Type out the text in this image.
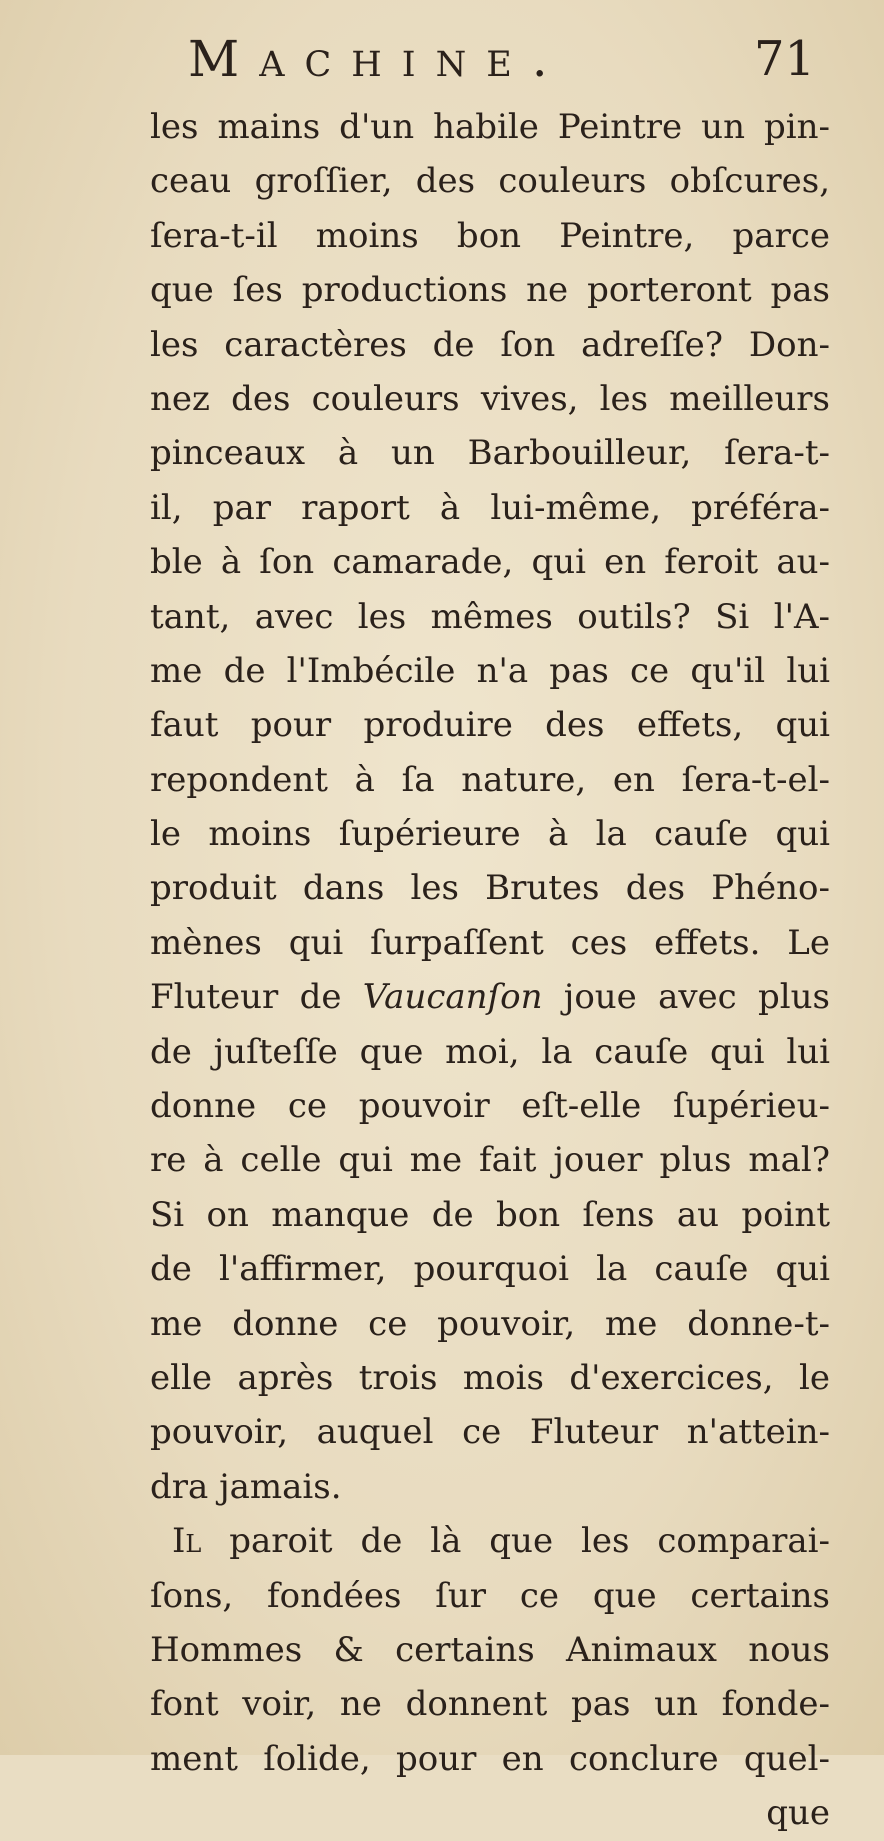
Machine.	71
les mains d'un habile Peintre un pin-
ceau groſſier, des couleurs obſcures,
ſera-t-il moins bon Peintre, parce
que ſes productions ne porteront pas
les caractères de ſon adreſſe? Don-
nez des couleurs vives, les meilleurs
pinceaux à un Barbouilleur, ſera-t-
il, par raport à lui-même, préféra-
ble à ſon camarade, qui en feroit au-
tant, avec les mêmes outils? Si l'A-
me de l'Imbécile n'a pas ce qu'il lui
faut pour produire des effets, qui
repondent à ſa nature, en ſera-t-el-
le moins ſupérieure à la cauſe qui
produit dans les Brutes des Phéno-
mènes qui ſurpaſſent ces effets. Le
Fluteur de Vaucanſon joue avec plus
de juſteſſe que moi, la cauſe qui lui
donne ce pouvoir eſt-elle ſupérieu-
re à celle qui me fait jouer plus mal?
Si on manque de bon ſens au point
de l'affirmer, pourquoi la cauſe qui
me donne ce pouvoir, me donne-t-
elle après trois mois d'exercices, le
pouvoir, auquel ce Fluteur n'attein-
dra jamais.
Il paroit de là que les comparai-
ſons, fondées ſur ce que certains
Hommes & certains Animaux nous
font voir, ne donnent pas un fonde-
ment ſolide, pour en conclure quel-
que
